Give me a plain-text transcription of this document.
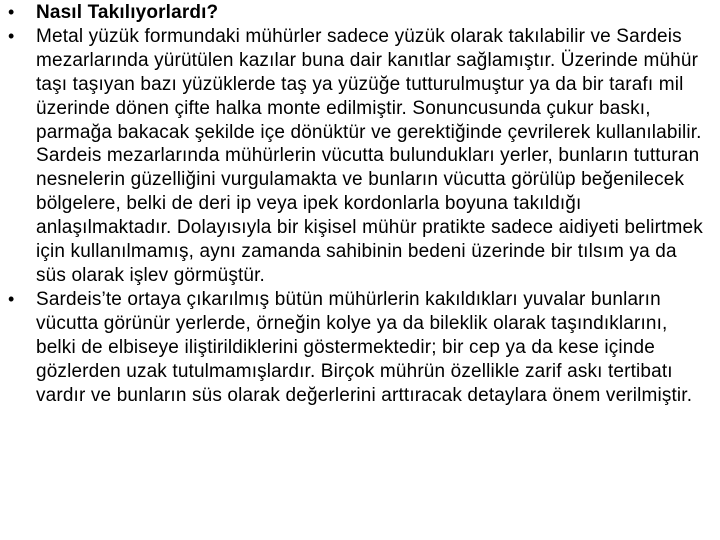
•	Nasıl Takılıyorlardı?
•	Metal yüzük formundaki mühürler sadece yüzük olarak takılabilir ve Sardeis mezarlarında yürütülen kazılar buna dair kanıtlar sağlamıştır. Üzerinde mühür taşı taşıyan bazı yüzüklerde taş ya yüzüğe tutturulmuştur ya da bir tarafı mil üzerinde dönen çifte halka monte edilmiştir. Sonuncusunda çukur baskı, parmağa bakacak şekilde içe dönüktür ve gerektiğinde çevrilerek kullanılabilir. Sardeis mezarlarında mühürlerin vücutta bulundukları yerler, bunların tutturan nesnelerin güzelliğini vurgulamakta ve bunların vücutta görülüp beğenilecek bölgelere, belki de deri ip veya ipek kordonlarla boyuna takıldığı anlaşılmaktadır. Dolayısıyla bir kişisel mühür pratikte sadece aidiyeti belirtmek için kullanılmamış, aynı zamanda sahibinin bedeni üzerinde bir tılsım ya da süs olarak işlev görmüştür.
•	Sardeis’te ortaya çıkarılmış bütün mühürlerin kakıldıkları yuvalar bunların vücutta görünür yerlerde, örneğin kolye ya da bileklik olarak taşındıklarını, belki de elbiseye iliştirildiklerini göstermektedir; bir cep ya da kese içinde gözlerden uzak tutulmamışlardır. Birçok mührün özellikle zarif askı tertibatı vardır ve bunların süs olarak değerlerini arttıracak detaylara önem verilmiştir.
